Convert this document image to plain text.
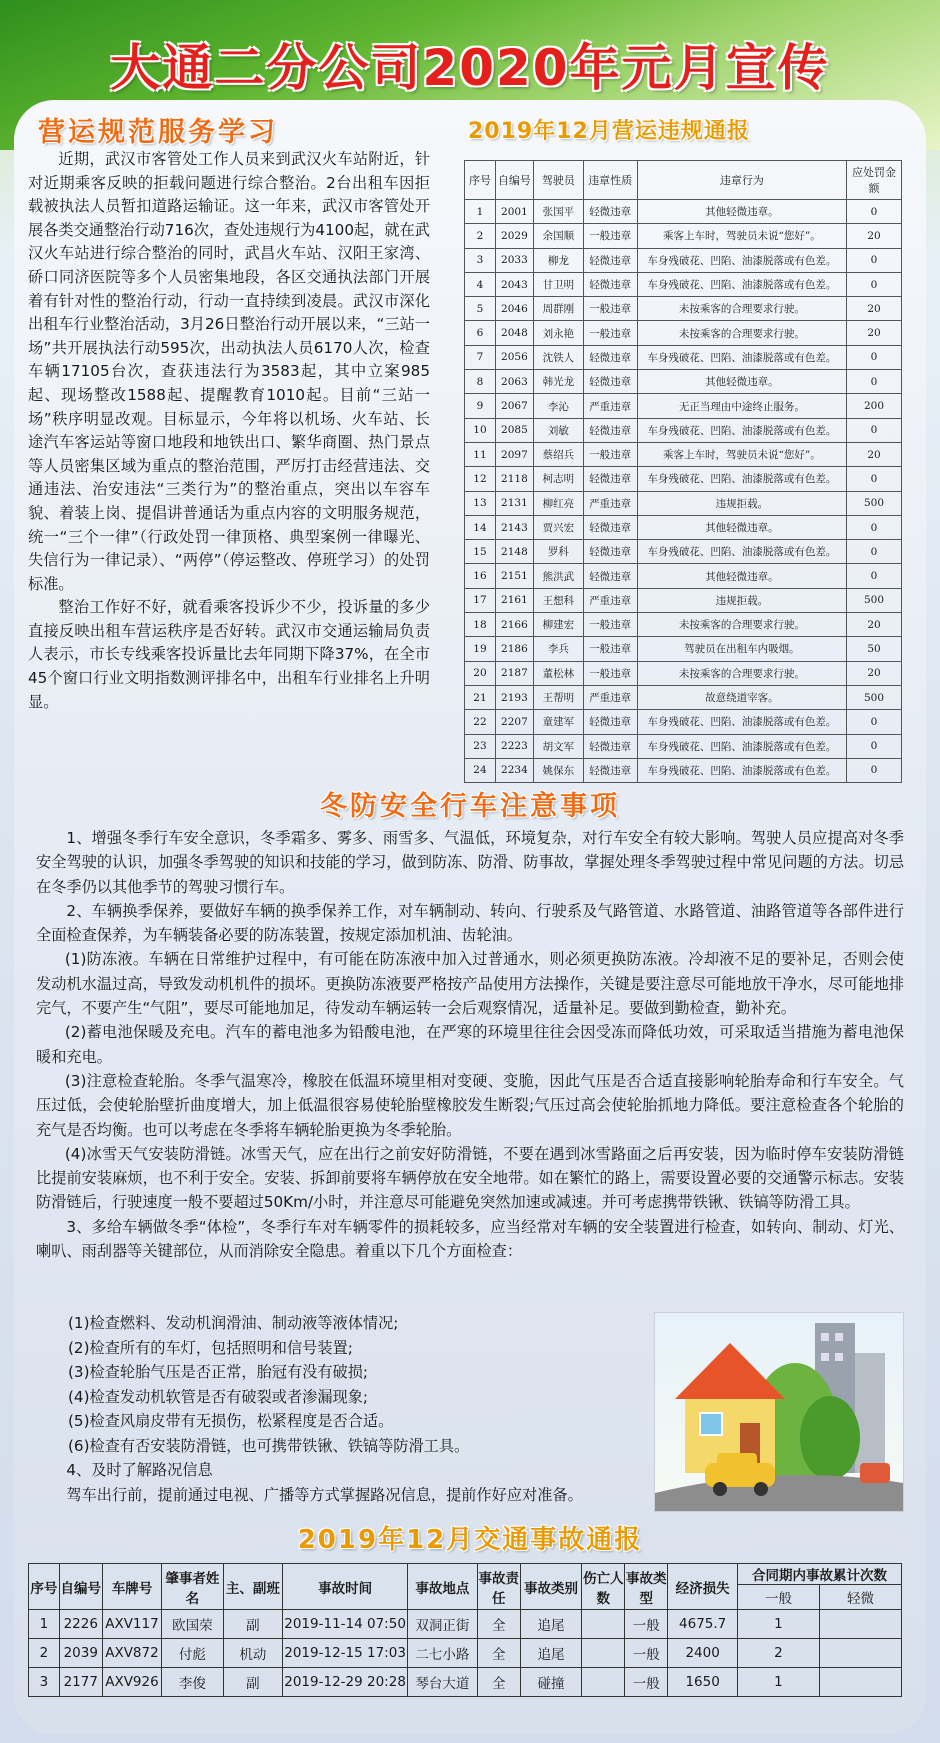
大通二分公司2020年元月宣传
营运规范服务学习

近期，武汉市客管处工作人员来到武汉火车站附近，针对近期乘客反映的拒载问题进行综合整治。2台出租车因拒载被执法人员暂扣道路运输证。这一年来，武汉市客管处开展各类交通整治行动716次，查处违规行为4100起，就在武汉火车站进行综合整治的同时，武昌火车站、汉阳王家湾、硚口同济医院等多个人员密集地段，各区交通执法部门开展着有针对性的整治行动，行动一直持续到凌晨。武汉市深化出租车行业整治活动，3月26日整治行动开展以来，“三站一场”共开展执法行动595次，出动执法人员6170人次，检查车辆17105台次，查获违法行为3583起，其中立案985起、现场整改1588起、提醒教育1010起。目前“三站一场”秩序明显改观。目标显示，今年将以机场、火车站、长途汽车客运站等窗口地段和地铁出口、繁华商圈、热门景点等人员密集区域为重点的整治范围，严厉打击经营违法、交通违法、治安违法“三类行为”的整治重点，突出以车容车貌、着装上岗、提倡讲普通话为重点内容的文明服务规范，统一“三个一律”（行政处罚一律顶格、典型案例一律曝光、失信行为一律记录）、“两停”（停运整改、停班学习）的处罚标准。

整治工作好不好，就看乘客投诉少不少，投诉量的多少直接反映出租车营运秩序是否好转。武汉市交通运输局负责人表示，市长专线乘客投诉量比去年同期下降37%，在全市45个窗口行业文明指数测评排名中，出租车行业排名上升明显。

2019年12月营运违规通报
序号	自编号	驾驶员	违章性质	违章行为	应处罚金额
1	2001	张国平	轻微违章	其他轻微违章。	0
2	2029	余国顺	一般违章	乘客上车时，驾驶员未说“您好”。	20
3	2033	柳龙	轻微违章	车身残破花、凹陷、油漆脱落或有色差。	0
4	2043	甘卫明	轻微违章	车身残破花、凹陷、油漆脱落或有色差。	0
5	2046	周群刚	一般违章	未按乘客的合理要求行驶。	20
6	2048	刘永艳	一般违章	未按乘客的合理要求行驶。	20
7	2056	沈铁人	轻微违章	车身残破花、凹陷、油漆脱落或有色差。	0
8	2063	韩光龙	轻微违章	其他轻微违章。	0
9	2067	李沁	严重违章	无正当理由中途终止服务。	200
10	2085	刘敏	轻微违章	车身残破花、凹陷、油漆脱落或有色差。	0
11	2097	蔡绍兵	一般违章	乘客上车时，驾驶员未说“您好”。	20
12	2118	柯志明	轻微违章	车身残破花、凹陷、油漆脱落或有色差。	0
13	2131	柳红亮	严重违章	违规拒载。	500
14	2143	贾兴宏	轻微违章	其他轻微违章。	0
15	2148	罗科	轻微违章	车身残破花、凹陷、油漆脱落或有色差。	0
16	2151	熊洪武	轻微违章	其他轻微违章。	0
17	2161	王想科	严重违章	违规拒载。	500
18	2166	柳建宏	一般违章	未按乘客的合理要求行驶。	20
19	2186	李兵	一般违章	驾驶员在出租车内吸烟。	50
20	2187	董松林	一般违章	未按乘客的合理要求行驶。	20
21	2193	王帮明	严重违章	故意绕道宰客。	500
22	2207	童建军	轻微违章	车身残破花、凹陷、油漆脱落或有色差。	0
23	2223	胡文军	轻微违章	车身残破花、凹陷、油漆脱落或有色差。	0
24	2234	姚保东	轻微违章	车身残破花、凹陷、油漆脱落或有色差。	0
冬防安全行车注意事项

1、增强冬季行车安全意识，冬季霜多、雾多、雨雪多、气温低，环境复杂，对行车安全有较大影响。驾驶人员应提高对冬季安全驾驶的认识，加强冬季驾驶的知识和技能的学习，做到防冻、防滑、防事故，掌握处理冬季驾驶过程中常见问题的方法。切忌在冬季仍以其他季节的驾驶习惯行车。

2、车辆换季保养，要做好车辆的换季保养工作，对车辆制动、转向、行驶系及气路管道、水路管道、油路管道等各部件进行全面检查保养，为车辆装备必要的防冻装置，按规定添加机油、齿轮油。

(1)防冻液。车辆在日常维护过程中，有可能在防冻液中加入过普通水，则必须更换防冻液。冷却液不足的要补足，否则会使发动机水温过高，导致发动机机件的损坏。更换防冻液要严格按产品使用方法操作，关键是要注意尽可能地放干净水，尽可能地排完气，不要产生“气阻”，要尽可能地加足，待发动车辆运转一会后观察情况，适量补足。要做到勤检查，勤补充。

(2)蓄电池保暖及充电。汽车的蓄电池多为铅酸电池，在严寒的环境里往往会因受冻而降低功效，可采取适当措施为蓄电池保暖和充电。

(3)注意检查轮胎。冬季气温寒冷，橡胶在低温环境里相对变硬、变脆，因此气压是否合适直接影响轮胎寿命和行车安全。气压过低，会使轮胎壁折曲度增大，加上低温很容易使轮胎壁橡胶发生断裂;气压过高会使轮胎抓地力降低。要注意检查各个轮胎的充气是否均衡。也可以考虑在冬季将车辆轮胎更换为冬季轮胎。

(4)冰雪天气安装防滑链。冰雪天气，应在出行之前安好防滑链，不要在遇到冰雪路面之后再安装，因为临时停车安装防滑链比提前安装麻烦，也不利于安全。安装、拆卸前要将车辆停放在安全地带。如在繁忙的路上，需要设置必要的交通警示标志。安装防滑链后，行驶速度一般不要超过50Km/小时，并注意尽可能避免突然加速或减速。并可考虑携带铁锹、铁镐等防滑工具。

3、多给车辆做冬季“体检”，冬季行车对车辆零件的损耗较多，应当经常对车辆的安全装置进行检查，如转向、制动、灯光、喇叭、雨刮器等关键部位，从而消除安全隐患。着重以下几个方面检查：

(1)检查燃料、发动机润滑油、制动液等液体情况;

(2)检查所有的车灯，包括照明和信号装置;

(3)检查轮胎气压是否正常，胎冠有没有破损;

(4)检查发动机软管是否有破裂或者渗漏现象;

(5)检查风扇皮带有无损伤，松紧程度是否合适。

(6)检查有否安装防滑链，也可携带铁锹、铁镐等防滑工具。

4、及时了解路况信息

驾车出行前，提前通过电视、广播等方式掌握路况信息，提前作好应对准备。

2019年12月交通事故通报
序号	自编号	车牌号	肇事者姓名	主、副班	事故时间	事故地点	事故责任	事故类别	伤亡人数	事故类型	经济损失	合同期内事故累计次数	
												一般	轻微
1	2226	AXV117	欧国荣	副	2019-11-14 07:50	双洞正街	全	追尾		一般	4675.7	1	
2	2039	AXV872	付彪	机动	2019-12-15 17:03	二七小路	全	追尾		一般	2400	2	
3	2177	AXV926	李俊	副	2019-12-29 20:28	琴台大道	全	碰撞		一般	1650	1	
